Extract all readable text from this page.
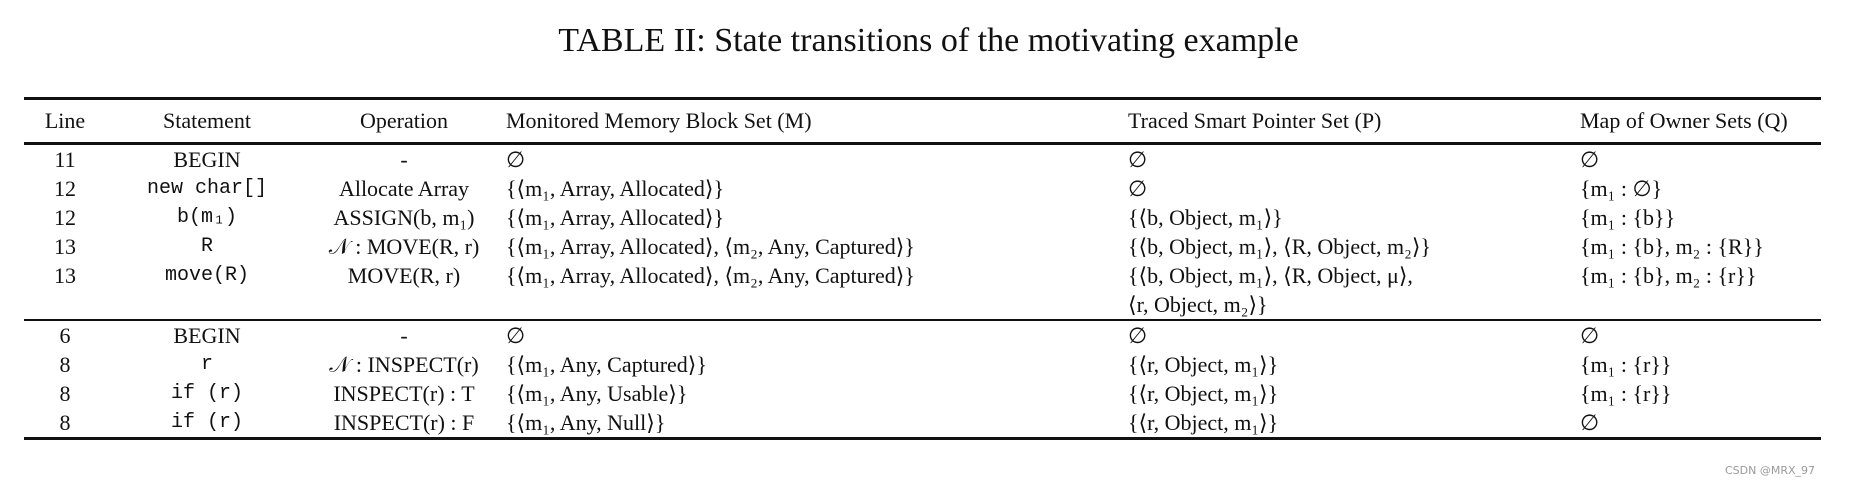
TABLE II: State transitions of the motivating example
Line	Statement	Operation	Monitored Memory Block Set (M)	Traced Smart Pointer Set (P)	Map of Owner Sets (Q)
11	BEGIN	-	∅	∅	∅
12	new char[]	Allocate Array	{⟨m₁, Array, Allocated⟩}	∅	{m₁ : ∅}
12	b(m₁)	ASSIGN(b, m₁)	{⟨m₁, Array, Allocated⟩}	{⟨b, Object, m₁⟩}	{m₁ : {b}}
13	R	𝒩 : MOVE(R, r)	{⟨m₁, Array, Allocated⟩, ⟨m₂, Any, Captured⟩}	{⟨b, Object, m₁⟩, ⟨R, Object, m₂⟩}	{m₁ : {b}, m₂ : {R}}
13	move(R)	MOVE(R, r)	{⟨m₁, Array, Allocated⟩, ⟨m₂, Any, Captured⟩}	{⟨b, Object, m₁⟩, ⟨R, Object, μ⟩,	{m₁ : {b}, m₂ : {r}}
				⟨r, Object, m₂⟩}	
6	BEGIN	-	∅	∅	∅
8	r	𝒩 : INSPECT(r)	{⟨m₁, Any, Captured⟩}	{⟨r, Object, m₁⟩}	{m₁ : {r}}
8	if (r)	INSPECT(r) : T	{⟨m₁, Any, Usable⟩}	{⟨r, Object, m₁⟩}	{m₁ : {r}}
8	if (r)	INSPECT(r) : F	{⟨m₁, Any, Null⟩}	{⟨r, Object, m₁⟩}	∅
CSDN @MRX_97
